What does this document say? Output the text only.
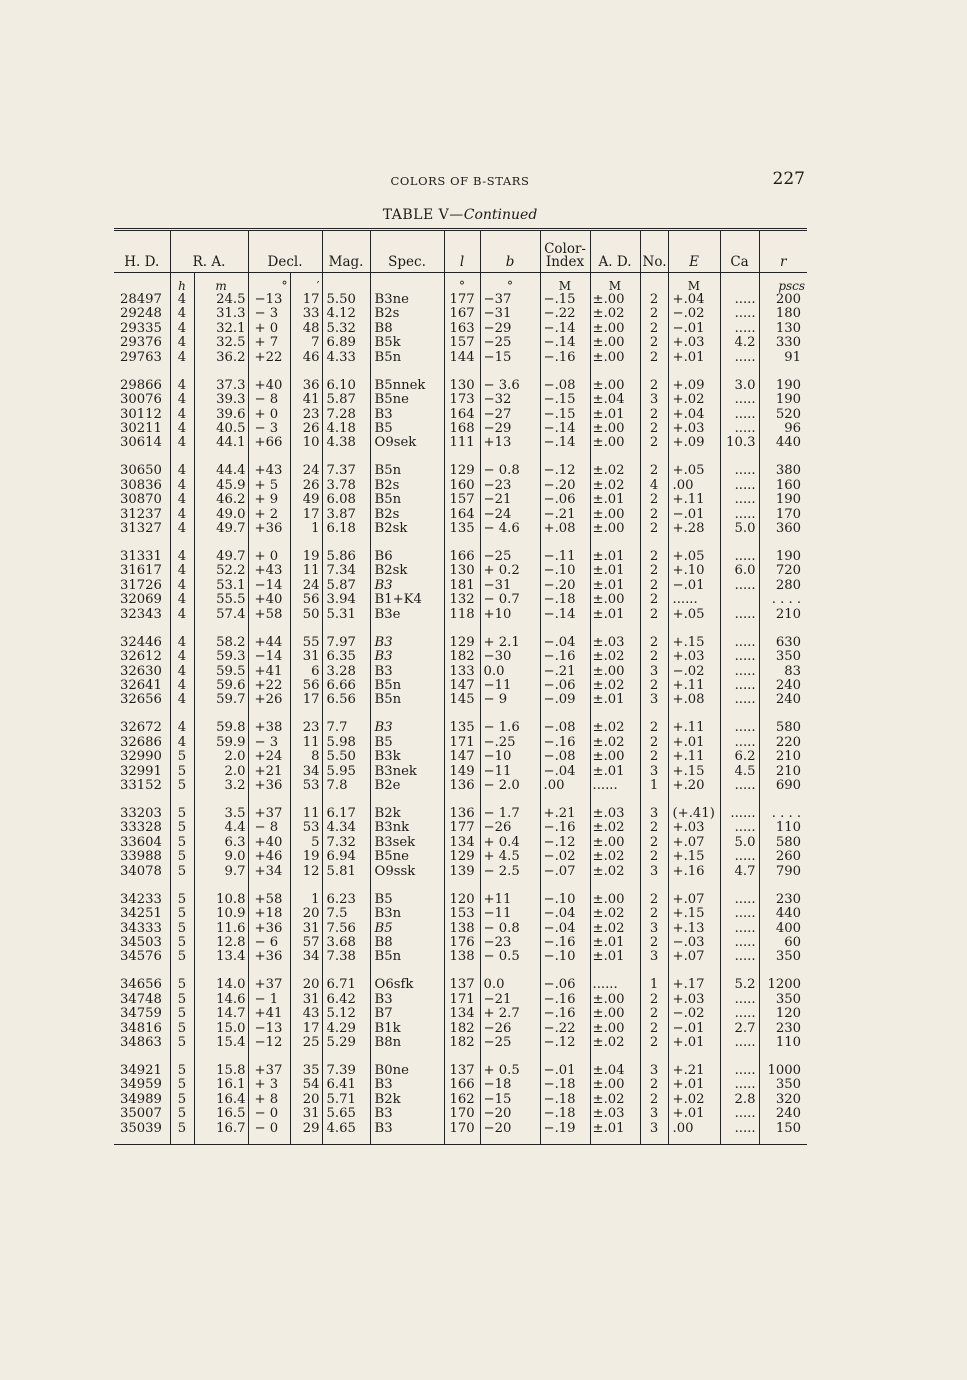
COLORS OF B-STARS	227
TABLE V—Continued
H. D.	R. A.		Decl.		Mag.	Spec.	l	b	Color-Index	A. D.	No.	E	Ca	r
	h	m	°	′			°	°	M	M		M		pscs
28497	4	24.5	−13	17	5.50	B3ne	177	−37	−.15	±.00	2	+.04	.....	200
29248	4	31.3	− 3	33	4.12	B2s	167	−31	−.22	±.02	2	−.02	.....	180
29335	4	32.1	+ 0	48	5.32	B8	163	−29	−.14	±.00	2	−.01	.....	130
29376	4	32.5	+ 7	7	6.89	B5k	157	−25	−.14	±.00	2	+.03	4.2	330
29763	4	36.2	+22	46	4.33	B5n	144	−15	−.16	±.00	2	+.01	.....	91

29866	4	37.3	+40	36	6.10	B5nnek	130	− 3.6	−.08	±.00	2	+.09	3.0	190
30076	4	39.3	− 8	41	5.87	B5ne	173	−32	−.15	±.04	3	+.02	.....	190
30112	4	39.6	+ 0	23	7.28	B3	164	−27	−.15	±.01	2	+.04	.....	520
30211	4	40.5	− 3	26	4.18	B5	168	−29	−.14	±.00	2	+.03	.....	96
30614	4	44.1	+66	10	4.38	O9sek	111	+13	−.14	±.00	2	+.09	10.3	440

30650	4	44.4	+43	24	7.37	B5n	129	− 0.8	−.12	±.02	2	+.05	.....	380
30836	4	45.9	+ 5	26	3.78	B2s	160	−23	−.20	±.02	4	.00	.....	160
30870	4	46.2	+ 9	49	6.08	B5n	157	−21	−.06	±.01	2	+.11	.....	190
31237	4	49.0	+ 2	17	3.87	B2s	164	−24	−.21	±.00	2	−.01	.....	170
31327	4	49.7	+36	1	6.18	B2sk	135	− 4.6	+.08	±.00	2	+.28	5.0	360

31331	4	49.7	+ 0	19	5.86	B6	166	−25	−.11	±.01	2	+.05	.....	190
31617	4	52.2	+43	11	7.34	B2sk	130	+ 0.2	−.10	±.01	2	+.10	6.0	720
31726	4	53.1	−14	24	5.87	B3	181	−31	−.20	±.01	2	−.01	.....	280
32069	4	55.5	+40	56	3.94	B1+K4	132	− 0.7	−.18	±.00	2	......		. . . .
32343	4	57.4	+58	50	5.31	B3e	118	+10	−.14	±.01	2	+.05	.....	210

32446	4	58.2	+44	55	7.97	B3	129	+ 2.1	−.04	±.03	2	+.15	.....	630
32612	4	59.3	−14	31	6.35	B3	182	−30	−.16	±.02	2	+.03	.....	350
32630	4	59.5	+41	6	3.28	B3	133	0.0	−.21	±.00	3	−.02	.....	83
32641	4	59.6	+22	56	6.66	B5n	147	−11	−.06	±.02	2	+.11	.....	240
32656	4	59.7	+26	17	6.56	B5n	145	− 9	−.09	±.01	3	+.08	.....	240

32672	4	59.8	+38	23	7.7	B3	135	− 1.6	−.08	±.02	2	+.11	.....	580
32686	4	59.9	− 3	11	5.98	B5	171	−.25	−.16	±.02	2	+.01	.....	220
32990	5	2.0	+24	8	5.50	B3k	147	−10	−.08	±.00	2	+.11	6.2	210
32991	5	2.0	+21	34	5.95	B3nek	149	−11	−.04	±.01	3	+.15	4.5	210
33152	5	3.2	+36	53	7.8	B2e	136	− 2.0	.00	......	1	+.20	.....	690

33203	5	3.5	+37	11	6.17	B2k	136	− 1.7	+.21	±.03	3	(+.41)	......	. . . .
33328	5	4.4	− 8	53	4.34	B3nk	177	−26	−.16	±.02	2	+.03	.....	110
33604	5	6.3	+40	5	7.32	B3sek	134	+ 0.4	−.12	±.00	2	+.07	5.0	580
33988	5	9.0	+46	19	6.94	B5ne	129	+ 4.5	−.02	±.02	2	+.15	.....	260
34078	5	9.7	+34	12	5.81	O9ssk	139	− 2.5	−.07	±.02	3	+.16	4.7	790

34233	5	10.8	+58	1	6.23	B5	120	+11	−.10	±.00	2	+.07	.....	230
34251	5	10.9	+18	20	7.5	B3n	153	−11	−.04	±.02	2	+.15	.....	440
34333	5	11.6	+36	31	7.56	B5	138	− 0.8	−.04	±.02	3	+.13	.....	400
34503	5	12.8	− 6	57	3.68	B8	176	−23	−.16	±.01	2	−.03	.....	60
34576	5	13.4	+36	34	7.38	B5n	138	− 0.5	−.10	±.01	3	+.07	.....	350

34656	5	14.0	+37	20	6.71	O6sfk	137	0.0	−.06	......	1	+.17	5.2	1200
34748	5	14.6	− 1	31	6.42	B3	171	−21	−.16	±.00	2	+.03	.....	350
34759	5	14.7	+41	43	5.12	B7	134	+ 2.7	−.16	±.00	2	−.02	.....	120
34816	5	15.0	−13	17	4.29	B1k	182	−26	−.22	±.00	2	−.01	2.7	230
34863	5	15.4	−12	25	5.29	B8n	182	−25	−.12	±.02	2	+.01	.....	110

34921	5	15.8	+37	35	7.39	B0ne	137	+ 0.5	−.01	±.04	3	+.21	.....	1000
34959	5	16.1	+ 3	54	6.41	B3	166	−18	−.18	±.00	2	+.01	.....	350
34989	5	16.4	+ 8	20	5.71	B2k	162	−15	−.18	±.02	2	+.02	2.8	320
35007	5	16.5	− 0	31	5.65	B3	170	−20	−.18	±.03	3	+.01	.....	240
35039	5	16.7	− 0	29	4.65	B3	170	−20	−.19	±.01	3	.00	.....	150
